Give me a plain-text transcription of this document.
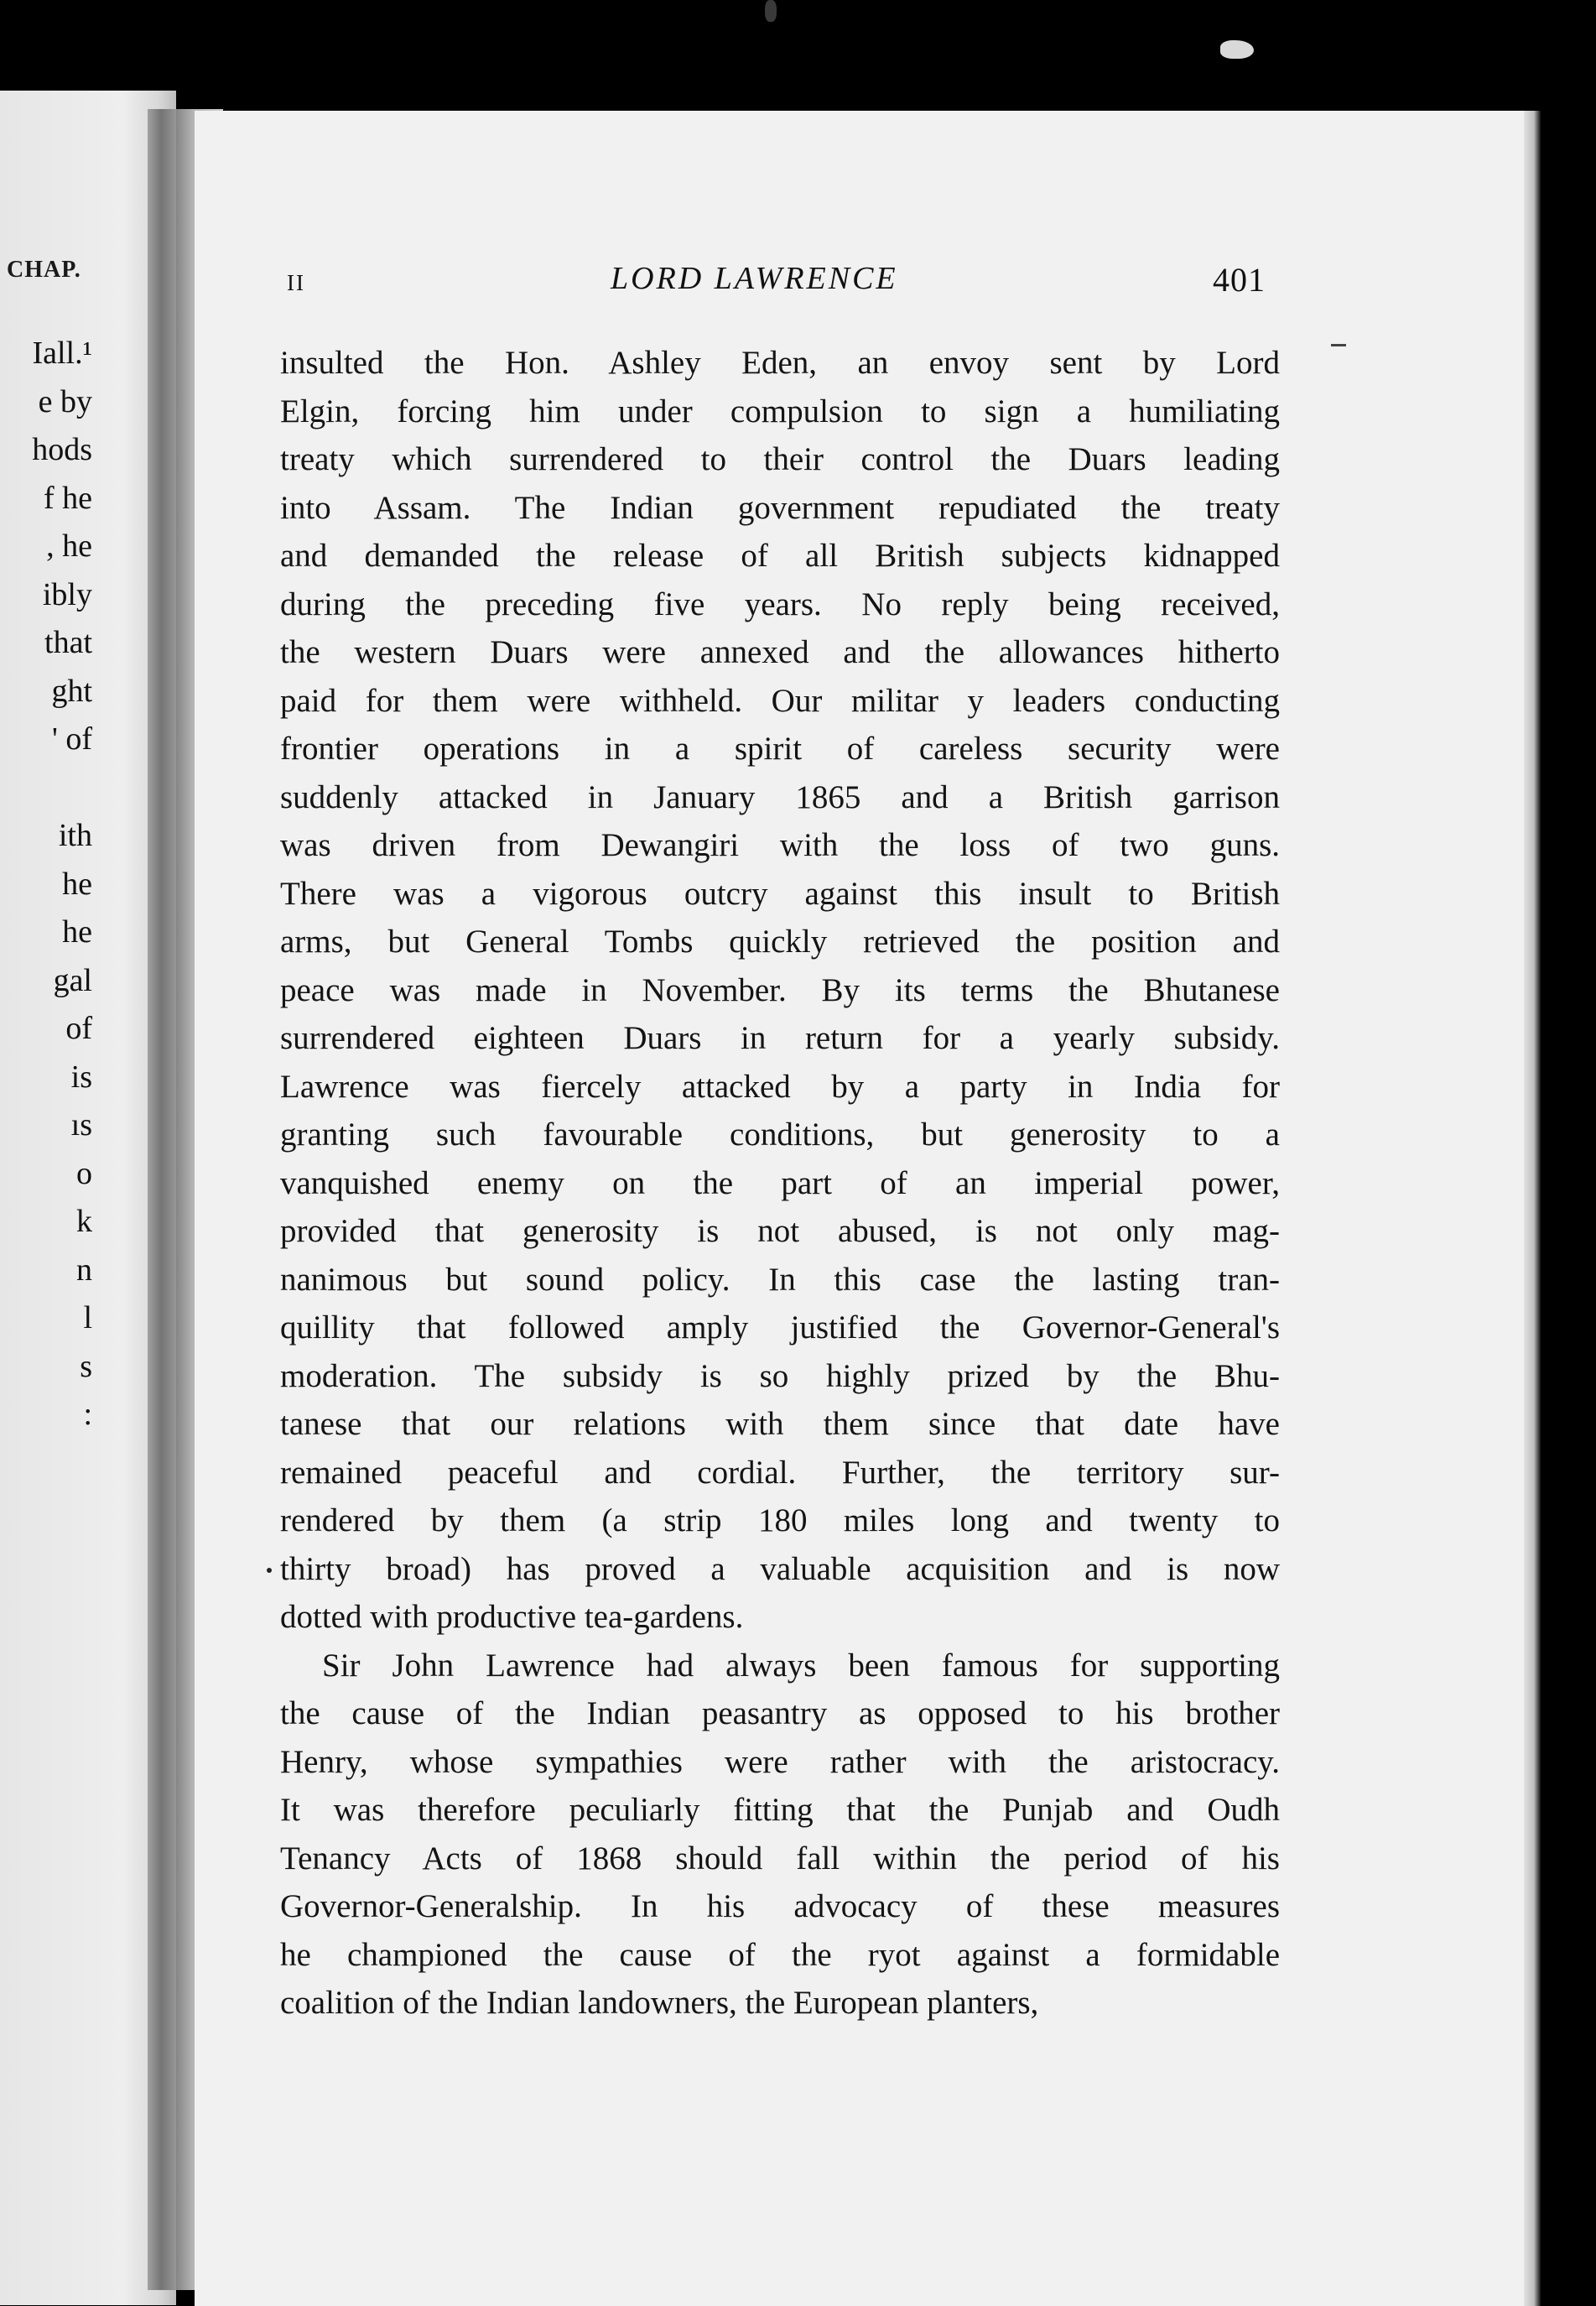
CHAP.
Iall.¹
e by
hods
f he
, he
ibly
that
ght
' of
ith
he
he
gal
of
is
ıs
o
k
n
l
s
:
II	LORD LAWRENCE	401

insulted the Hon. Ashley Eden, an envoy sent by Lord
Elgin, forcing him under compulsion to sign a humiliating
treaty which surrendered to their control the Duars leading
into Assam. The Indian government repudiated the treaty
and demanded the release of all British subjects kidnapped
during the preceding five years. No reply being received,
the western Duars were annexed and the allowances hitherto
paid for them were withheld. Our militar y leaders conducting
frontier operations in a spirit of careless security were
suddenly attacked in January 1865 and a British garrison
was driven from Dewangiri with the loss of two guns.
There was a vigorous outcry against this insult to British
arms, but General Tombs quickly retrieved the position and
peace was made in November. By its terms the Bhutanese
surrendered eighteen Duars in return for a yearly subsidy.
Lawrence was fiercely attacked by a party in India for
granting such favourable conditions, but generosity to a
vanquished enemy on the part of an imperial power,
provided that generosity is not abused, is not only mag-
nanimous but sound policy. In this case the lasting tran-
quillity that followed amply justified the Governor-General's
moderation. The subsidy is so highly prized by the Bhu-
tanese that our relations with them since that date have
remained peaceful and cordial. Further, the territory sur-
rendered by them (a strip 180 miles long and twenty to
thirty broad) has proved a valuable acquisition and is now
dotted with productive tea-gardens.

Sir John Lawrence had always been famous for supporting
the cause of the Indian peasantry as opposed to his brother
Henry, whose sympathies were rather with the aristocracy.
It was therefore peculiarly fitting that the Punjab and Oudh
Tenancy Acts of 1868 should fall within the period of his
Governor-Generalship. In his advocacy of these measures
he championed the cause of the ryot against a formidable
coalition of the Indian landowners, the European planters,
